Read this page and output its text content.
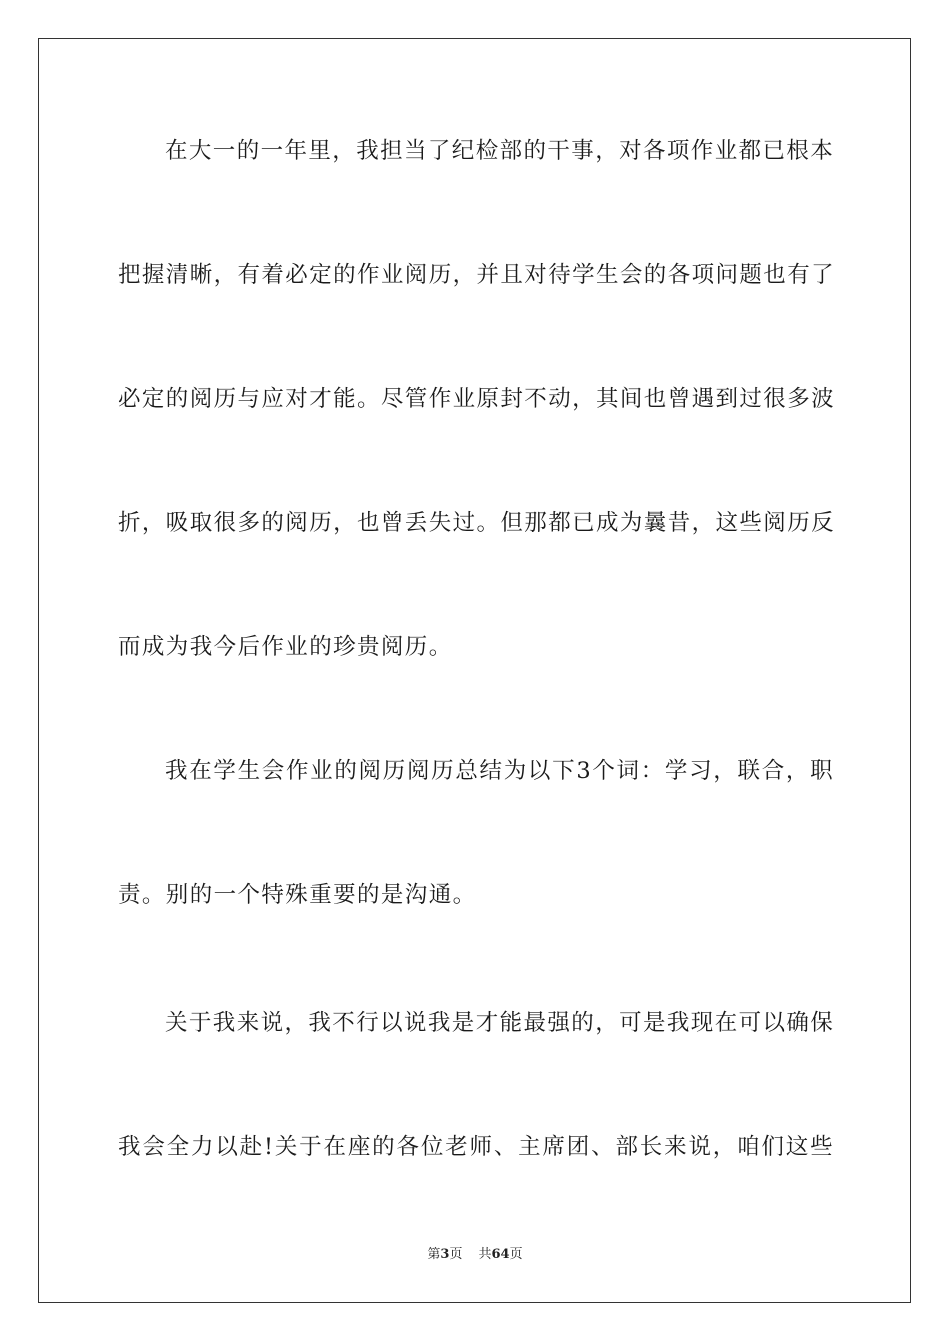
在大一的一年里，我担当了纪检部的干事，对各项作业都已根本
把握清晰，有着必定的作业阅历，并且对待学生会的各项问题也有了
必定的阅历与应对才能。尽管作业原封不动，其间也曾遇到过很多波
折，吸取很多的阅历，也曾丢失过。但那都已成为曩昔，这些阅历反
而成为我今后作业的珍贵阅历。
我在学生会作业的阅历阅历总结为以下3个词：学习，联合，职
责。别的一个特殊重要的是沟通。
关于我来说，我不行以说我是才能最强的，可是我现在可以确保
我会全力以赴!关于在座的各位老师、主席团、部长来说，咱们这些
第3页 共64页
